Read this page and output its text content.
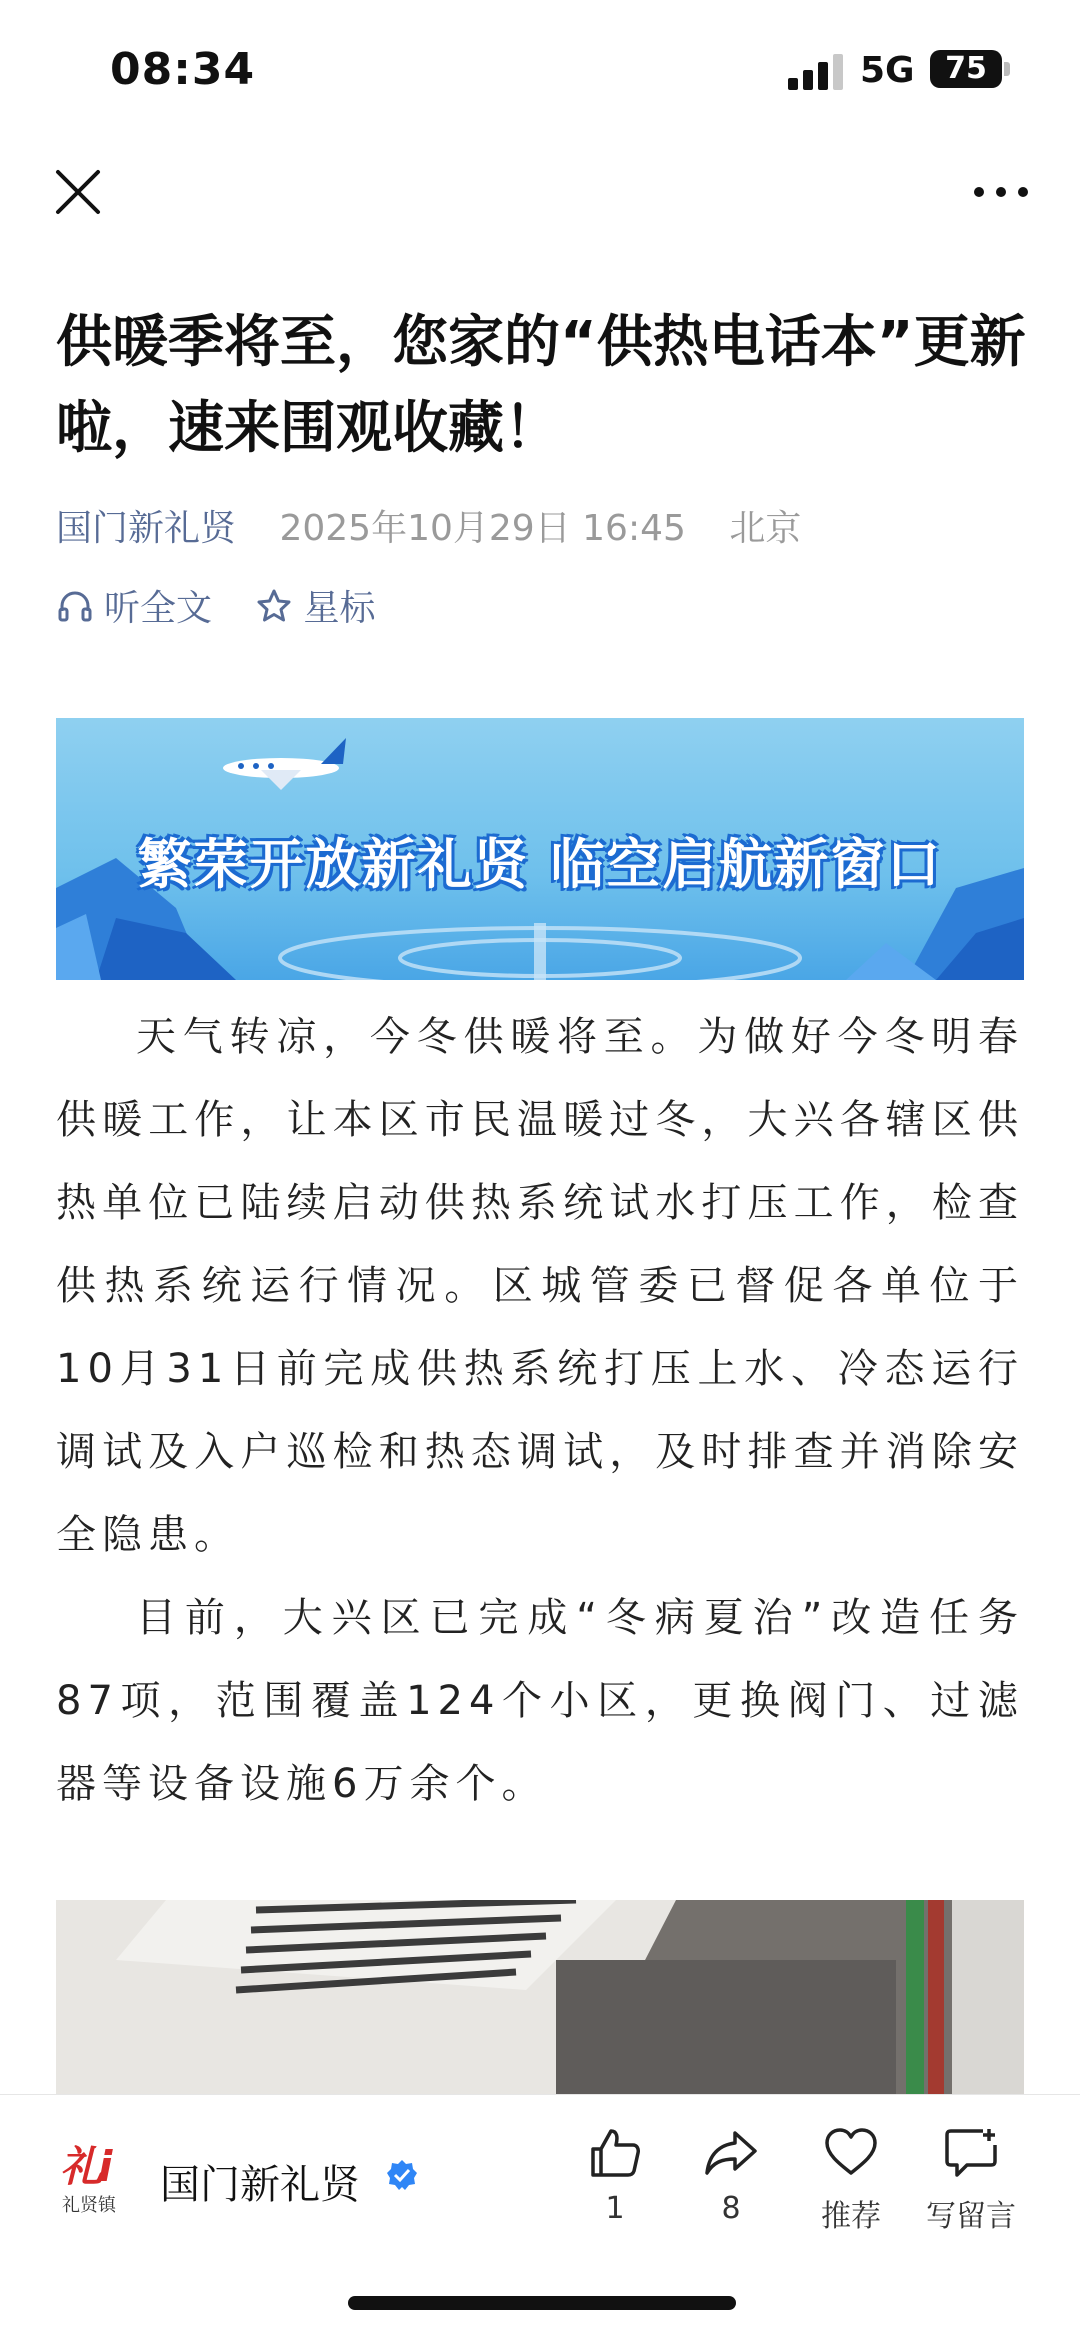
08:34	5G	75
供暖季将至，您家的“供热电话本”更新啦，速来围观收藏！
国门新礼贤 2025年10月29日 16:45 北京
听全文
	星标
繁荣开放新礼贤 临空启航新窗口

天气转凉，今冬供暖将至。为做好今冬明春供暖工作，让本区市民温暖过冬，大兴各辖区供热单位已陆续启动供热系统试水打压工作，检查供热系统运行情况。区城管委已督促各单位于10月31日前完成供热系统打压上水、冷态运行调试及入户巡检和热态调试，及时排查并消除安全隐患。

目前，大兴区已完成“冬病夏治”改造任务87项，范围覆盖124个小区，更换阀门、过滤器等设备设施6万余个。

礼
i
礼贤镇 国门新礼贤
1	8	推荐	写留言
